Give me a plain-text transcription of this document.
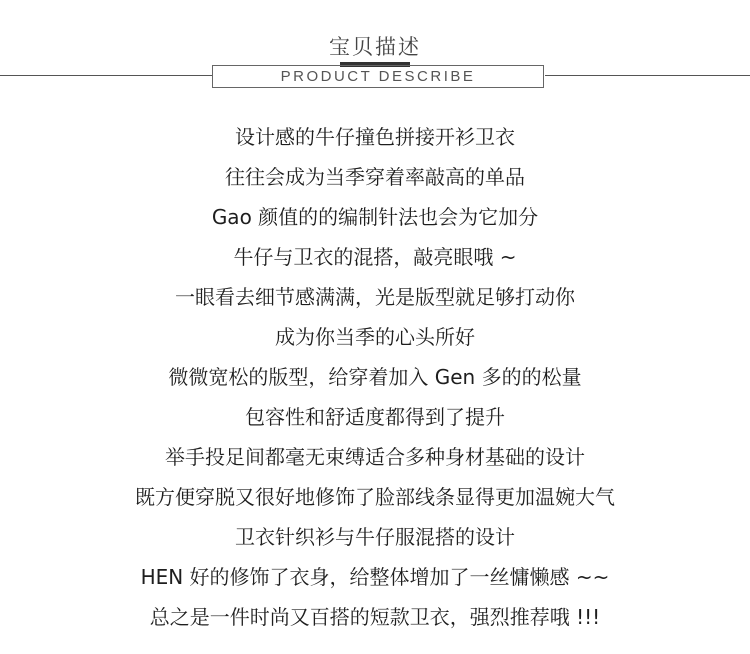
宝贝描述
PRODUCT DESCRIBE
设计感的牛仔撞色拼接开衫卫衣
往往会成为当季穿着率敲高的单品
Gao 颜值的的编制针法也会为它加分
牛仔与卫衣的混搭，敲亮眼哦 ~
一眼看去细节感满满，光是版型就足够打动你
成为你当季的心头所好
微微宽松的版型，给穿着加入 Gen 多的的松量
包容性和舒适度都得到了提升
举手投足间都毫无束缚适合多种身材基础的设计
既方便穿脱又很好地修饰了脸部线条显得更加温婉大气
卫衣针织衫与牛仔服混搭的设计
HEN 好的修饰了衣身，给整体增加了一丝慵懒感 ~~
总之是一件时尚又百搭的短款卫衣，强烈推荐哦 !!!
